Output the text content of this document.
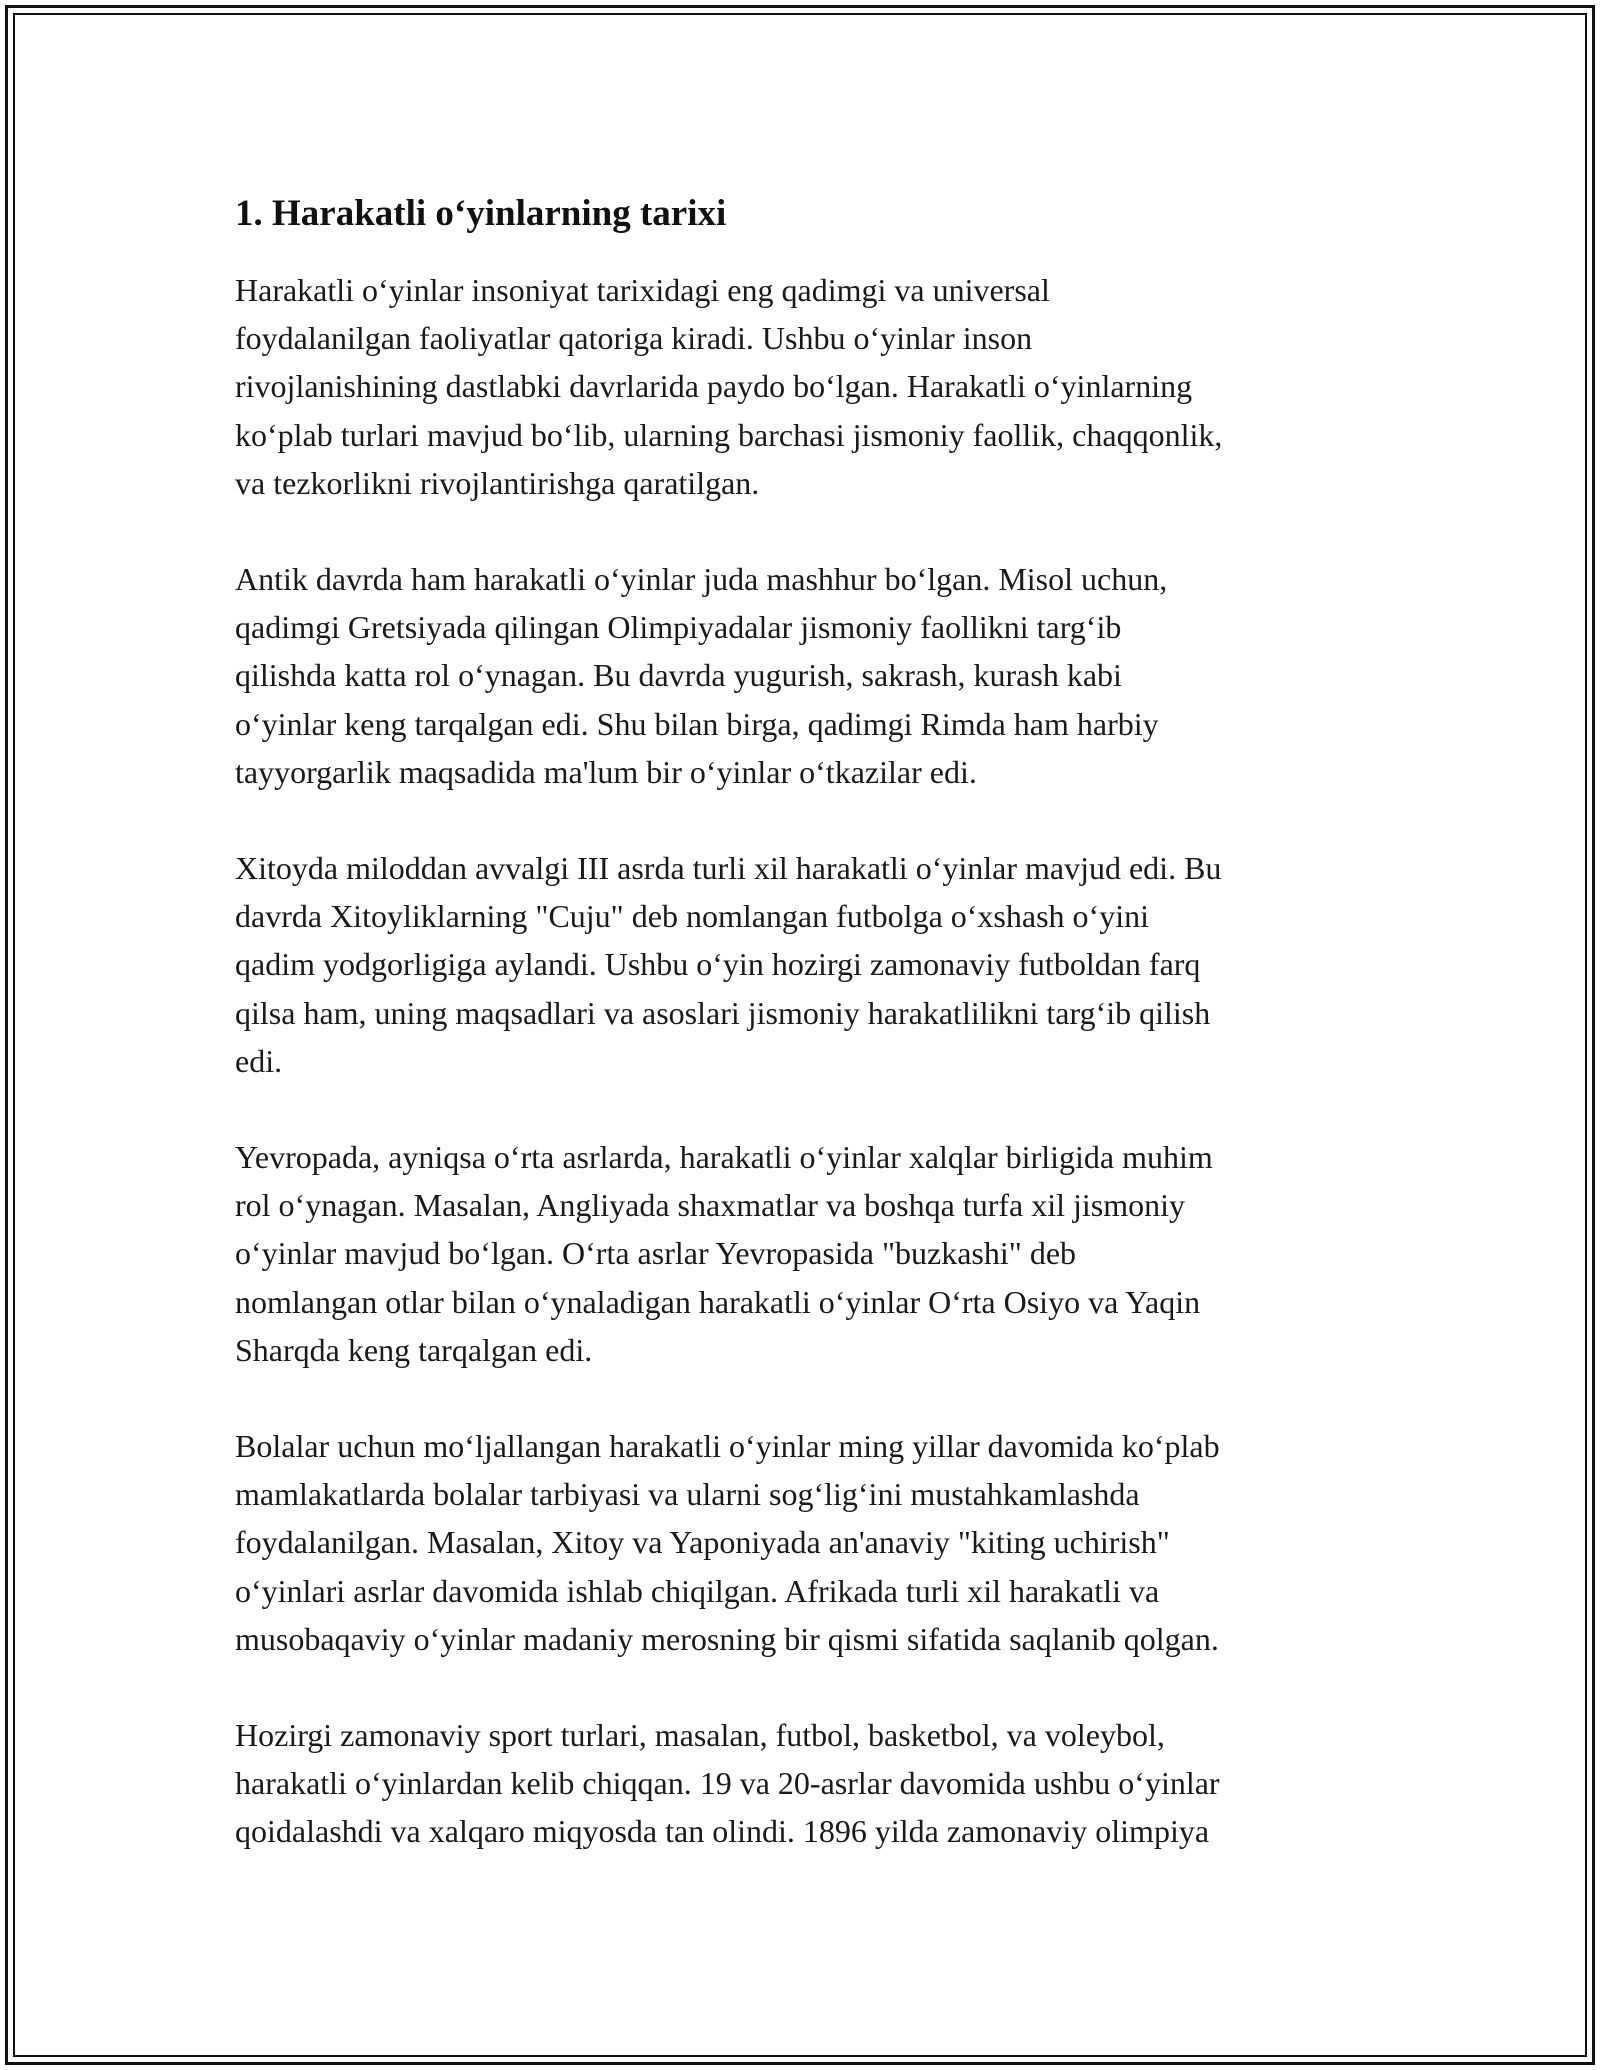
1. Harakatli o‘yinlarning tarixi

Harakatli o‘yinlar insoniyat tarixidagi eng qadimgi va universal
foydalanilgan faoliyatlar qatoriga kiradi. Ushbu o‘yinlar inson
rivojlanishining dastlabki davrlarida paydo bo‘lgan. Harakatli o‘yinlarning
ko‘plab turlari mavjud bo‘lib, ularning barchasi jismoniy faollik, chaqqonlik,
va tezkorlikni rivojlantirishga qaratilgan.

Antik davrda ham harakatli o‘yinlar juda mashhur bo‘lgan. Misol uchun,
qadimgi Gretsiyada qilingan Olimpiyadalar jismoniy faollikni targ‘ib
qilishda katta rol o‘ynagan. Bu davrda yugurish, sakrash, kurash kabi
o‘yinlar keng tarqalgan edi. Shu bilan birga, qadimgi Rimda ham harbiy
tayyorgarlik maqsadida ma'lum bir o‘yinlar o‘tkazilar edi.

Xitoyda miloddan avvalgi III asrda turli xil harakatli o‘yinlar mavjud edi. Bu
davrda Xitoyliklarning "Cuju" deb nomlangan futbolga o‘xshash o‘yini
qadim yodgorligiga aylandi. Ushbu o‘yin hozirgi zamonaviy futboldan farq
qilsa ham, uning maqsadlari va asoslari jismoniy harakatlilikni targ‘ib qilish
edi.

Yevropada, ayniqsa o‘rta asrlarda, harakatli o‘yinlar xalqlar birligida muhim
rol o‘ynagan. Masalan, Angliyada shaxmatlar va boshqa turfa xil jismoniy
o‘yinlar mavjud bo‘lgan. O‘rta asrlar Yevropasida "buzkashi" deb
nomlangan otlar bilan o‘ynaladigan harakatli o‘yinlar O‘rta Osiyo va Yaqin
Sharqda keng tarqalgan edi.

Bolalar uchun mo‘ljallangan harakatli o‘yinlar ming yillar davomida ko‘plab
mamlakatlarda bolalar tarbiyasi va ularni sog‘lig‘ini mustahkamlashda
foydalanilgan. Masalan, Xitoy va Yaponiyada an'anaviy "kiting uchirish"
o‘yinlari asrlar davomida ishlab chiqilgan. Afrikada turli xil harakatli va
musobaqaviy o‘yinlar madaniy merosning bir qismi sifatida saqlanib qolgan.

Hozirgi zamonaviy sport turlari, masalan, futbol, basketbol, va voleybol,
harakatli o‘yinlardan kelib chiqqan. 19 va 20-asrlar davomida ushbu o‘yinlar
qoidalashdi va xalqaro miqyosda tan olindi. 1896 yilda zamonaviy olimpiya
